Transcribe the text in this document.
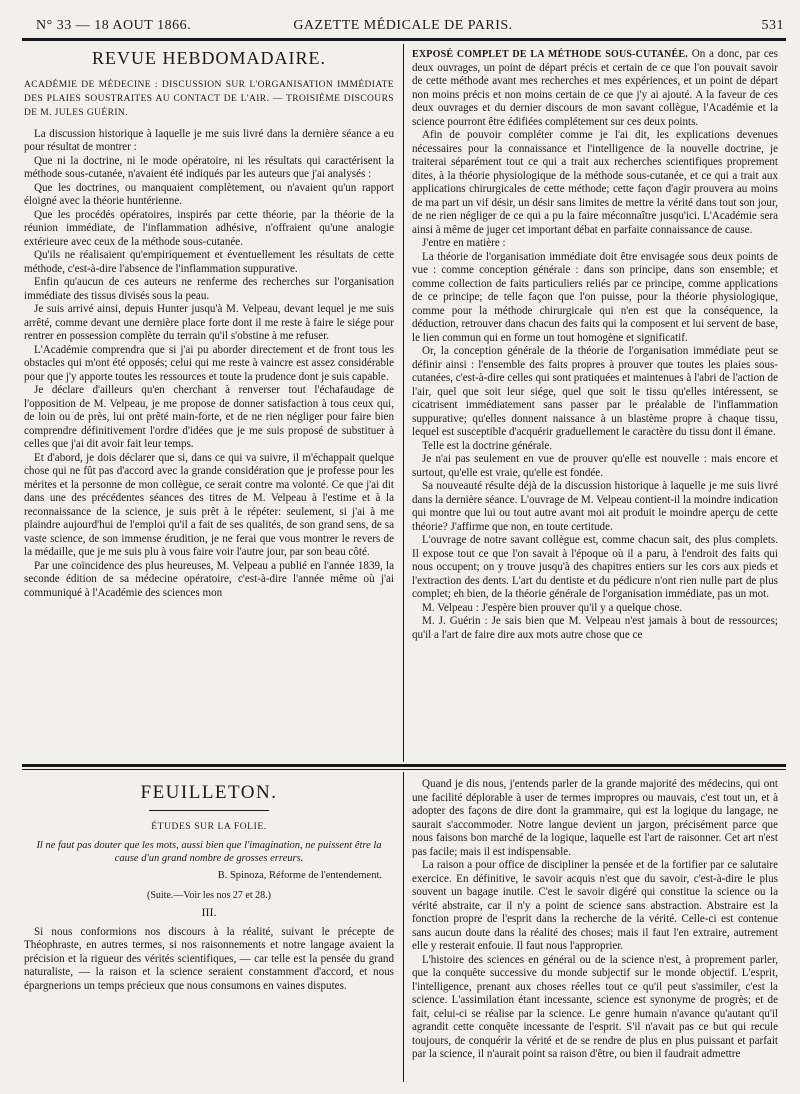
N° 33 — 18 AOUT 1866.	GAZETTE MÉDICALE DE PARIS.	531
REVUE HEBDOMADAIRE.
ACADÉMIE DE MÉDECINE : DISCUSSION SUR L'ORGANISATION IMMÉDIATE DES PLAIES SOUSTRAITES AU CONTACT DE L'AIR. — TROISIÈME DISCOURS DE M. JULES GUÉRIN.

La discussion historique à laquelle je me suis livré dans la dernière séance a eu pour résultat de montrer :

Que ni la doctrine, ni le mode opératoire, ni les résultats qui caractérisent la méthode sous-cutanée, n'avaient été indiqués par les auteurs que j'ai analysés :

Que les doctrines, ou manquaient complètement, ou n'avaient qu'un rapport éloigné avec la théorie huntérienne.

Que les procédés opératoires, inspirés par cette théorie, par la théorie de la réunion immédiate, de l'inflammation adhésive, n'offraient qu'une analogie extérieure avec ceux de la méthode sous-cutanée.

Qu'ils ne réalisaient qu'empiriquement et éventuellement les résultats de cette méthode, c'est-à-dire l'absence de l'inflammation suppurative.

Enfin qu'aucun de ces auteurs ne renferme des recherches sur l'organisation immédiate des tissus divisés sous la peau.

Je suis arrivé ainsi, depuis Hunter jusqu'à M. Velpeau, devant lequel je me suis arrêté, comme devant une dernière place forte dont il me reste à faire le siége pour rentrer en possession complète du terrain qu'il s'obstine à me refuser.

L'Académie comprendra que si j'ai pu aborder directement et de front tous les obstacles qui m'ont été opposés; celui qui me reste à vaincre est assez considérable pour que j'y apporte toutes les ressources et toute la prudence dont je suis capable.

Je déclare d'ailleurs qu'en cherchant à renverser tout l'échafaudage de l'opposition de M. Velpeau, je me propose de donner satisfaction à tous ceux qui, de loin ou de près, lui ont prêté main-forte, et de ne rien négliger pour faire bien comprendre définitivement l'ordre d'idées que je me suis proposé de substituer à celles que j'ai dit avoir fait leur temps.

Et d'abord, je dois déclarer que si, dans ce qui va suivre, il m'échappait quelque chose qui ne fût pas d'accord avec la grande considération que je professe pour les mérites et la personne de mon collègue, ce serait contre ma volonté. Ce que j'ai dit dans une des précédentes séances des titres de M. Velpeau à l'estime et à la reconnaissance de la science, je suis prêt à le répéter: seulement, si j'ai à me plaindre aujourd'hui de l'emploi qu'il a fait de ses qualités, de son grand sens, de sa vaste science, de son immense érudition, je ne ferai que vous montrer le revers de la médaille, que je me suis plu à vous faire voir l'autre jour, par son beau côté.

Par une coïncidence des plus heureuses, M. Velpeau a publié en l'année 1839, la seconde édition de sa médecine opératoire, c'est-à-dire l'année même où j'ai communiqué à l'Académie des sciences mon

EXPOSÉ COMPLET DE LA MÉTHODE SOUS-CUTANÉE. On a donc, par ces deux ouvrages, un point de départ précis et certain de ce que l'on pouvait savoir de cette méthode avant mes recherches et mes expériences, et un point de départ non moins précis et non moins certain de ce que j'y ai ajouté. A la faveur de ces deux ouvrages et du dernier discours de mon savant collègue, l'Académie et la science pourront être édifiées complétement sur ces deux points.

Afin de pouvoir compléter comme je l'ai dit, les explications devenues nécessaires pour la connaissance et l'intelligence de la nouvelle doctrine, je traiterai séparément tout ce qui a trait aux recherches scientifiques proprement dites, à la théorie physiologique de la méthode sous-cutanée, et ce qui a trait aux applications chirurgicales de cette méthode; cette façon d'agir prouvera au moins de ma part un vif désir, un désir sans limites de mettre la vérité dans tout son jour, de ne rien négliger de ce qui a pu la faire méconnaître jusqu'ici. L'Académie sera ainsi à même de juger cet important débat en parfaite connaissance de cause.

J'entre en matière :

La théorie de l'organisation immédiate doit être envisagée sous deux points de vue : comme conception générale : dans son principe, dans son ensemble; et comme collection de faits particuliers reliés par ce principe, comme applications de ce principe; de telle façon que l'on puisse, pour la théorie physiologique, comme pour la méthode chirurgicale qui n'en est que la conséquence, la déduction, retrouver dans chacun des faits qui la composent et lui servent de base, le lien commun qui en forme un tout homogène et significatif.

Or, la conception générale de la théorie de l'organisation immédiate peut se définir ainsi : l'ensemble des faits propres à prouver que toutes les plaies sous-cutanées, c'est-à-dire celles qui sont pratiquées et maintenues à l'abri de l'action de l'air, quel que soit leur siége, quel que soit le tissu qu'elles intéressent, se cicatrisent immédiatement sans passer par le préalable de l'inflammation suppurative; qu'elles donnent naissance à un blastème propre à chaque tissu, lequel est susceptible d'acquérir graduellement le caractère du tissu dont il émane.

Telle est la doctrine générale.

Je n'ai pas seulement en vue de prouver qu'elle est nouvelle : mais encore et surtout, qu'elle est vraie, qu'elle est fondée.

Sa nouveauté résulte déjà de la discussion historique à laquelle je me suis livré dans la dernière séance. L'ouvrage de M. Velpeau contient-il la moindre indication qui montre que lui ou tout autre avant moi ait produit le moindre aperçu de cette théorie? J'affirme que non, en toute certitude.

L'ouvrage de notre savant collègue est, comme chacun sait, des plus complets. Il expose tout ce que l'on savait à l'époque où il a paru, à l'endroit des faits qui nous occupent; on y trouve jusqu'à des chapitres entiers sur les cors aux pieds et l'extraction des dents. L'art du dentiste et du pédicure n'ont rien nulle part de plus complet; eh bien, de la théorie générale de l'organisation immédiate, pas un mot.

M. Velpeau : J'espère bien prouver qu'il y a quelque chose.

M. J. Guérin : Je sais bien que M. Velpeau n'est jamais à bout de ressources; qu'il a l'art de faire dire aux mots autre chose que ce

FEUILLETON.
ÉTUDES SUR LA FOLIE.
Il ne faut pas douter que les mots, aussi bien que l'imagination, ne puissent être la cause d'un grand nombre de grosses erreurs.
B. Spinoza, Réforme de l'entendement.
(Suite.—Voir les nos 27 et 28.)
III.

Si nous conformions nos discours à la réalité, suivant le précepte de Théophraste, en autres termes, si nos raisonnements et notre langage avaient la précision et la rigueur des vérités scientifiques, — car telle est la pensée du grand naturaliste, — la raison et la science seraient constamment d'accord, et nous épargnerions un temps précieux que nous consumons en vaines disputes.

Quand je dis nous, j'entends parler de la grande majorité des médecins, qui ont une facilité déplorable à user de termes impropres ou mauvais, c'est tout un, et à adopter des façons de dire dont la grammaire, qui est la logique du langage, ne saurait s'accommoder. Notre langue devient un jargon, précisément parce que nous faisons bon marché de la logique, laquelle est l'art de raisonner. Cet art n'est pas facile; mais il est indispensable.

La raison a pour office de discipliner la pensée et de la fortifier par ce salutaire exercice. En définitive, le savoir acquis n'est que du savoir, c'est-à-dire le plus souvent un bagage inutile. C'est le savoir digéré qui constitue la science ou la vérité abstraite, car il n'y a point de science sans abstraction. Abstraire est la fonction propre de l'esprit dans la recherche de la vérité. Celle-ci est contenue sans aucun doute dans la réalité des choses; mais il faut l'en extraire, autrement elle y resterait enfouie. Il faut nous l'approprier.

L'histoire des sciences en général ou de la science n'est, à proprement parler, que la conquête successive du monde subjectif sur le monde objectif. L'esprit, l'intelligence, prenant aux choses réelles tout ce qu'il peut s'assimiler, c'est la science. L'assimilation étant incessante, science est synonyme de progrès; et de fait, celui-ci se réalise par la science. Le genre humain n'avance qu'autant qu'il agrandit cette conquête incessante de l'esprit. S'il n'avait pas ce but qui recule toujours, de conquérir la vérité et de se rendre de plus en plus puissant et parfait par la science, il n'aurait point sa raison d'être, ou bien il faudrait admettre
